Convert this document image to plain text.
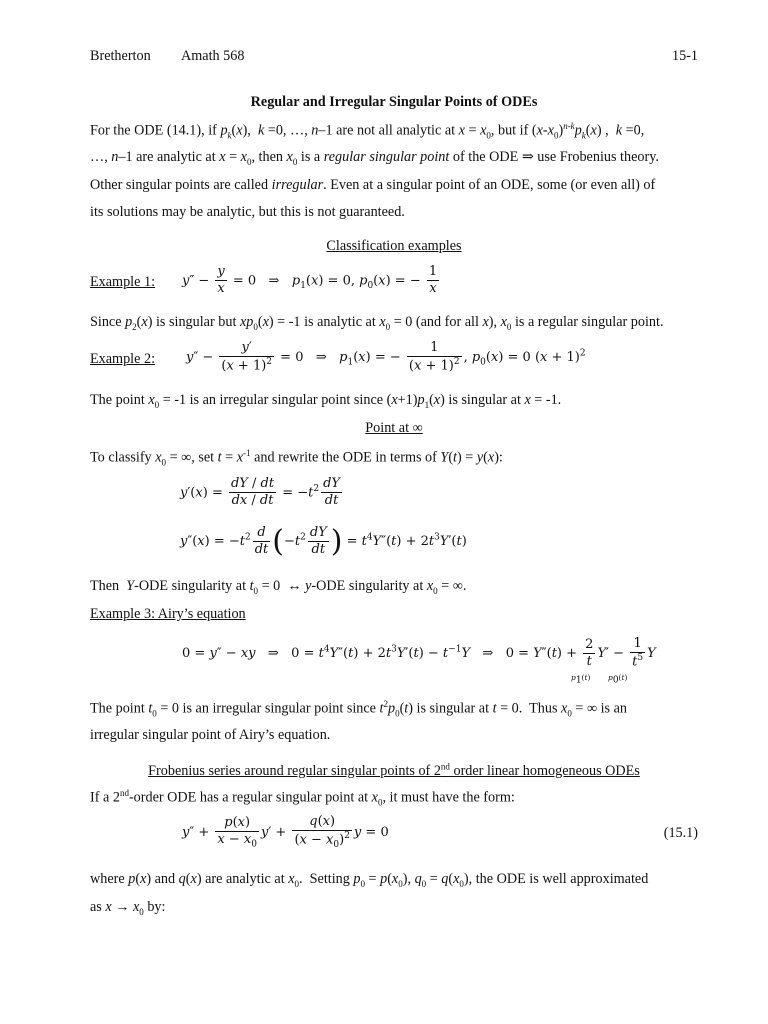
Bretherton Amath 568	15-1
Regular and Irregular Singular Points of ODEs
For the ODE (14.1), if $p_k(x)$,  k =0, …, n–1 are not all analytic at $x = x_0$, but if $(x-x_0)^{n-k}p_k(x)$ ,  k =0,
…, n–1 are analytic at $x = x_0$, then $x_0$ is a regular singular point of the ODE ⇒ use Frobenius theory.
Other singular points are called irregular. Even at a singular point of an ODE, some (or even all) of
its solutions may be analytic, but this is not guaranteed.
Classification examples
Example 1: $y'' - \frac{y}{x} = 0$   ⇒   $p_1(x) = 0$, $p_0(x)$ = − $\frac{1}{x}$
Since $p_2(x)$ is singular but $xp_0(x) = -1$ is analytic at $x_0 = 0$ (and for all x), $x_0$ is a regular singular point.
Example 2: $y'' - \frac{y'}{(x + 1)^2} = 0$   ⇒   $p_1(x)$ = − $\frac{1}{(x + 1)^2}$ , $p_0(x) = 0$ $(x + 1)^2$
The point $x_0 = -1$ is an irregular singular point since $(x+1)p_1(x)$ is singular at x = -1.
Point at ∞
To classify $x_0$ = ∞, set $t = x^{-1}$ and rewrite the ODE in terms of Y(t) = y(x):
$y'(x) = \frac{dY / dt}{dx / dt} = -t^2 \frac{dY}{dt}$
$y''(x) = -t^2 \frac{d}{dt} (-t^2 \frac{dY}{dt}$ ) = $t^4Y''(t) + 2t^3Y'(t)$
Then  Y-ODE singularity at $t_0 = 0$  ↔ y-ODE singularity at $x_0$ = ∞.
Example 3: Airy’s equation
0 = y″ − xy   ⇒   $0 = t^4Y''(t) + 2t^3Y'(t) - t^{-1}Y$   ⇒   $0 = Y''(t) + \frac{2}{t} Y' - \frac{1}{t^5}$ Y
$p_1(t)$ $p_0(t)$
The point $t_0 = 0$ is an irregular singular point since $t^2p_0(t)$ is singular at t = 0.  Thus $x_0$ = ∞ is an
irregular singular point of Airy’s equation.
Frobenius series around regular singular points of 2nd order linear homogeneous ODEs
If a 2nd-order ODE has a regular singular point at $x_0$, it must have the form:
$y'' + \frac{p(x)}{x - x_0} y' + \frac{q(x)}{(x - x_0)^2}$ y = 0	(15.1)
where p(x) and q(x) are analytic at $x_0$.  Setting $p_0 = p(x_0)$, $q_0 = q(x_0)$, the ODE is well approximated
as $x \to x_0$ by:
